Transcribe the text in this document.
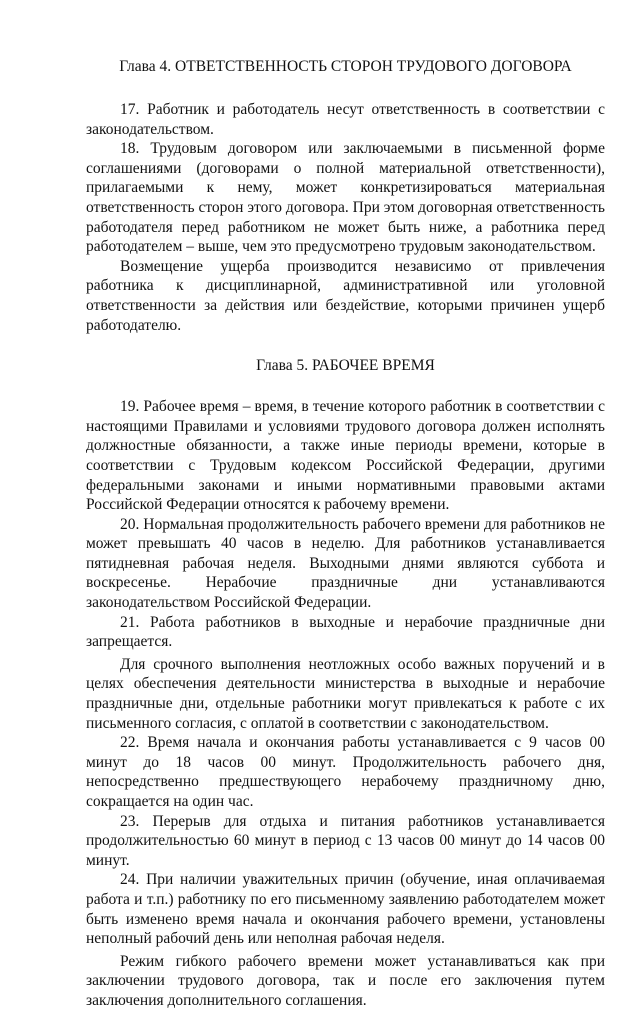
Глава 4. ОТВЕТСТВЕННОСТЬ СТОРОН ТРУДОВОГО ДОГОВОРА

17. Работник и работодатель несут ответственность в соответствии с законодательством.

18. Трудовым договором или заключаемыми в письменной форме соглашениями (договорами о полной материальной ответственности), прилагаемыми к нему, может конкретизироваться материальная ответственность сторон этого договора. При этом договорная ответственность работодателя перед работником не может быть ниже, а работника перед работодателем – выше, чем это предусмотрено трудовым законодательством.

Возмещение ущерба производится независимо от привлечения работника к дисциплинарной, административной или уголовной ответственности за действия или бездействие, которыми причинен ущерб работодателю.

Глава 5. РАБОЧЕЕ ВРЕМЯ

19. Рабочее время – время, в течение которого работник в соответствии с настоящими Правилами и условиями трудового договора должен исполнять должностные обязанности, а также иные периоды времени, которые в соответствии с Трудовым кодексом Российской Федерации, другими федеральными законами и иными нормативными правовыми актами Российской Федерации относятся к рабочему времени.

20. Нормальная продолжительность рабочего времени для работников не может превышать 40 часов в неделю. Для работников устанавливается пятидневная рабочая неделя. Выходными днями являются суббота и воскресенье. Нерабочие праздничные дни устанавливаются законодательством Российской Федерации.

21. Работа работников в выходные и нерабочие праздничные дни запрещается.

Для срочного выполнения неотложных особо важных поручений и в целях обеспечения деятельности министерства в выходные и нерабочие праздничные дни, отдельные работники могут привлекаться к работе с их письменного согласия, с оплатой в соответствии с законодательством.

22. Время начала и окончания работы устанавливается с 9 часов 00 минут до 18 часов 00 минут. Продолжительность рабочего дня, непосредственно предшествующего нерабочему праздничному дню, сокращается на один час.

23. Перерыв для отдыха и питания работников устанавливается продолжительностью 60 минут в период с 13 часов 00 минут до 14 часов 00 минут.

24. При наличии уважительных причин (обучение, иная оплачиваемая работа и т.п.) работнику по его письменному заявлению работодателем может быть изменено время начала и окончания рабочего времени, установлены неполный рабочий день или неполная рабочая неделя.

Режим гибкого рабочего времени может устанавливаться как при заключении трудового договора, так и после его заключения путем заключения дополнительного соглашения.
